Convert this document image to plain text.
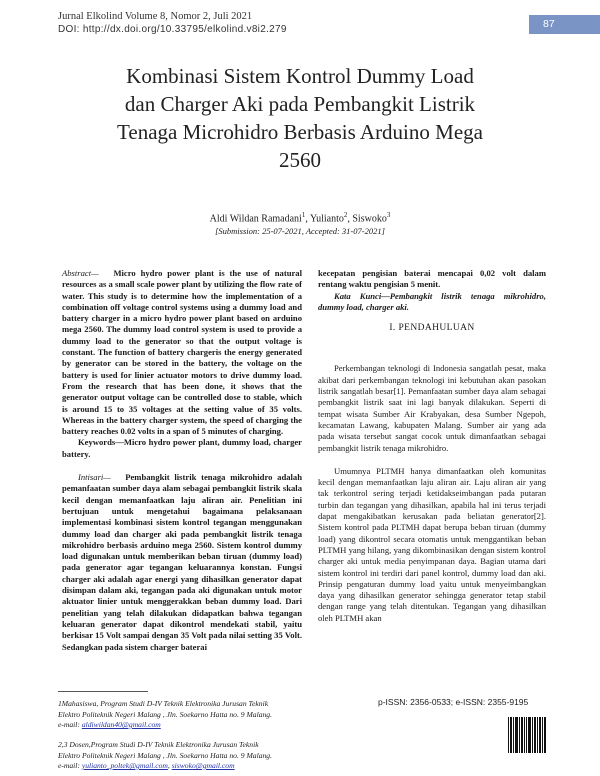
Jurnal Elkolind Volume 8, Nomor 2, Juli 2021
DOI: http://dx.doi.org/10.33795/elkolind.v8i2.279	87
Kombinasi Sistem Kontrol Dummy Load dan Charger Aki pada Pembangkit Listrik Tenaga Microhidro Berbasis Arduino Mega 2560
Aldi Wildan Ramadani$^1$, Yulianto$^2$, Siswoko$^3$
[Submission: 25-07-2021, Accepted: 31-07-2021]

Abstract— Micro hydro power plant is the use of natural resources as a small scale power plant by utilizing the flow rate of water. This study is to determine how the implementation of a combination off voltage control systems using a dummy load and battery charger in a micro hydro power plant based on arduino mega 2560. The dummy load control system is used to provide a dummy load to the generator so that the output voltage is constant. The function of battery chargeris the energy generated by generator can be stored in the battery, the voltage on the battery is used for linier actuator motors to drive dummy load. From the research that has been done, it shows that the generator output voltage can be controlled dose to stable, which is around 15 to 35 voltages at the setting value of 35 volts. Whereas in the battery charger system, the speed of charging the battery reaches 0.02 volts in a span of 5 minutes of charging.

Keywords—Micro hydro power plant, dummy load, charger battery.

Intisari— Pembangkit listrik tenaga mikrohidro adalah pemanfaatan sumber daya alam sebagai pembangkit listrik skala kecil dengan memanfaatkan laju aliran air. Penelitian ini bertujuan untuk mengetahui bagaimana pelaksanaan implementasi kombinasi sistem kontrol tegangan menggunakan dummy load dan charger aki pada pembangkit listrik tenaga mikrohidro berbasis arduino mega 2560. Sistem kontrol dummy load digunakan untuk memberikan beban tiruan (dummy load) pada generator agar tegangan keluarannya konstan. Fungsi charger aki adalah agar energi yang dihasilkan generator dapat disimpan dalam aki, tegangan pada aki digunakan untuk motor aktuator linier untuk menggerakkan beban dummy load. Dari penelitian yang telah dilakukan didapatkan bahwa tegangan keluaran generator dapat dikontrol mendekati stabil, yaitu berkisar 15 Volt sampai dengan 35 Volt pada nilai setting 35 Volt. Sedangkan pada sistem charger baterai

kecepatan pengisian baterai mencapai 0,02 volt dalam rentang waktu pengisian 5 menit.

Kata Kunci—Pembangkit listrik tenaga mikrohidro, dummy load, charger aki.

I. PENDAHULUAN

Perkembangan teknologi di Indonesia sangatlah pesat, maka akibat dari perkembangan teknologi ini kebutuhan akan pasokan listrik sangatlah besar[1]. Pemanfaatan sumber daya alam sebagai pembangkit listrik saat ini lagi banyak dilakukan. Seperti di tempat wisata Sumber Air Krabyakan, desa Sumber Ngepoh, kecamatan Lawang, kabupaten Malang. Sumber air yang ada pada wisata tersebut sangat cocok untuk dimanfaatkan sebagai pembangkit listrik tenaga mikrohidro.

Umumnya PLTMH hanya dimanfaatkan oleh komunitas kecil dengan memanfaatkan laju aliran air. Laju aliran air yang tak terkontrol sering terjadi ketidakseimbangan pada putaran turbin dan tegangan yang dihasilkan, apabila hal ini terus terjadi dapat mengakibatkan kerusakan pada beliatan generator[2]. Sistem kontrol pada PLTMH dapat berupa beban tiruan (dummy load) yang dikontrol secara otomatis untuk menggantikan beban PLTMH yang hilang, yang dikombinasikan dengan sistem kontrol charger aki untuk media penyimpanan daya. Bagian utama dari sistem kontrol ini terdiri dari panel kontrol, dummy load dan aki. Prinsip pengaturan dummy load yaitu untuk menyeimbangkan daya yang dihasilkan generator sehingga generator tetap stabil dengan range yang telah ditentukan. Tegangan yang dihasilkan oleh PLTMH akan

1Mahasiswa, Program Studi D-IV Teknik Elektronika Jurusan Teknik
Elektro Politeknik Negeri Malang , Jln. Soekarno Hatta no. 9 Malang.
e-mail: aldiwildan40@gmail.com
2,3 Dosen,Program Studi D-IV Teknik Elektronika Jurusan Teknik
Elektro Politeknik Negeri Malang , Jln. Soekarno Hatta no. 9 Malang.
e-mail: yulianto_poltek@gmail.com, siswoko@gmail.com
p-ISSN: 2356-0533; e-ISSN: 2355-9195
